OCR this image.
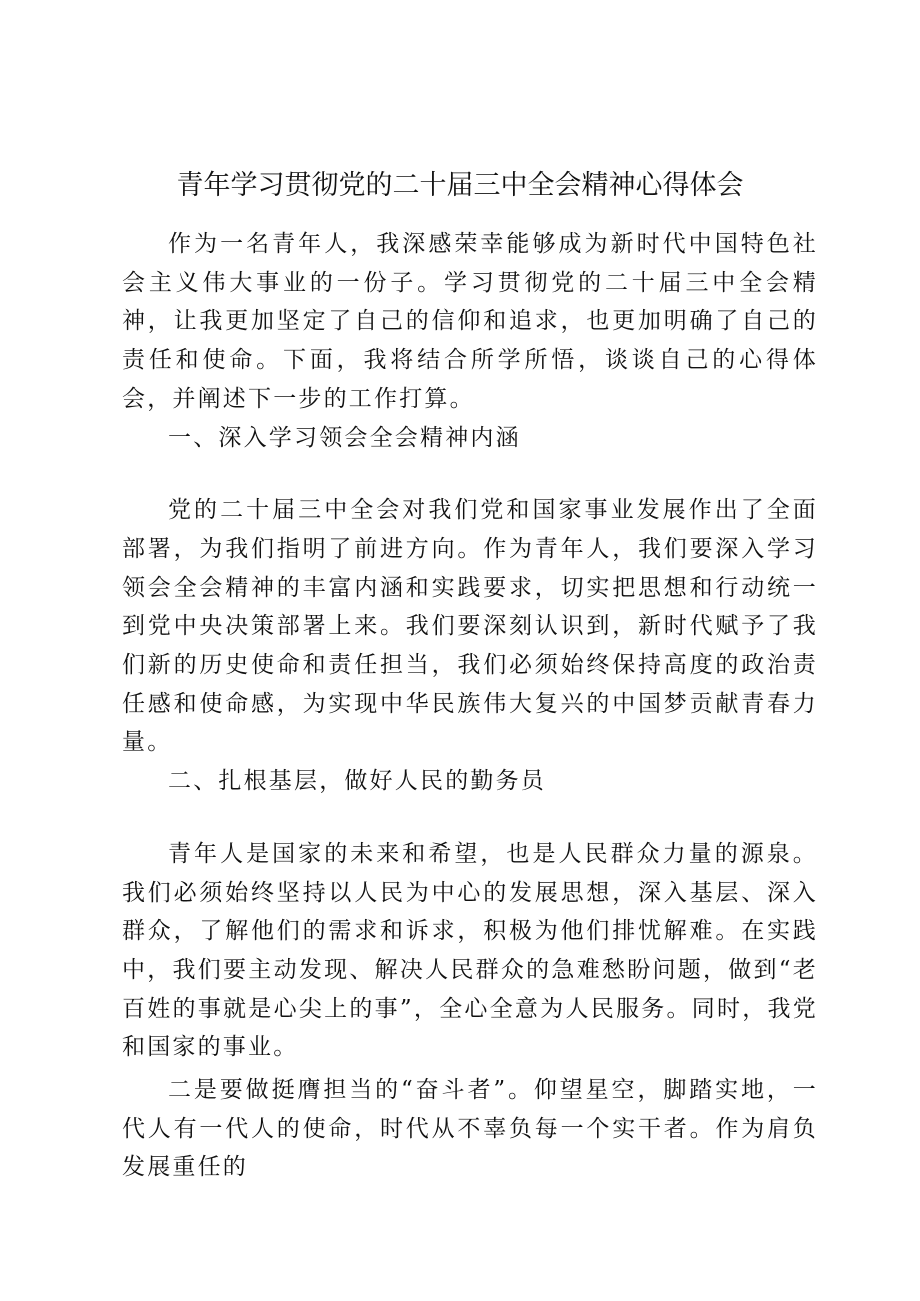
青年学习贯彻党的二十届三中全会精神心得体会

作为一名青年人，我深感荣幸能够成为新时代中国特色社会主义伟大事业的一份子。学习贯彻党的二十届三中全会精神，让我更加坚定了自己的信仰和追求，也更加明确了自己的责任和使命。下面，我将结合所学所悟，谈谈自己的心得体会，并阐述下一步的工作打算。

一、深入学习领会全会精神内涵

党的二十届三中全会对我们党和国家事业发展作出了全面部署，为我们指明了前进方向。作为青年人，我们要深入学习领会全会精神的丰富内涵和实践要求，切实把思想和行动统一到党中央决策部署上来。我们要深刻认识到，新时代赋予了我们新的历史使命和责任担当，我们必须始终保持高度的政治责任感和使命感，为实现中华民族伟大复兴的中国梦贡献青春力量。

二、扎根基层，做好人民的勤务员

青年人是国家的未来和希望，也是人民群众力量的源泉。我们必须始终坚持以人民为中心的发展思想，深入基层、深入群众，了解他们的需求和诉求，积极为他们排忧解难。在实践中，我们要主动发现、解决人民群众的急难愁盼问题，做到“老百姓的事就是心尖上的事”，全心全意为人民服务。同时，我党和国家的事业。

二是要做挺膺担当的“奋斗者”。仰望星空，脚踏实地，一代人有一代人的使命，时代从不辜负每一个实干者。作为肩负发展重任的
